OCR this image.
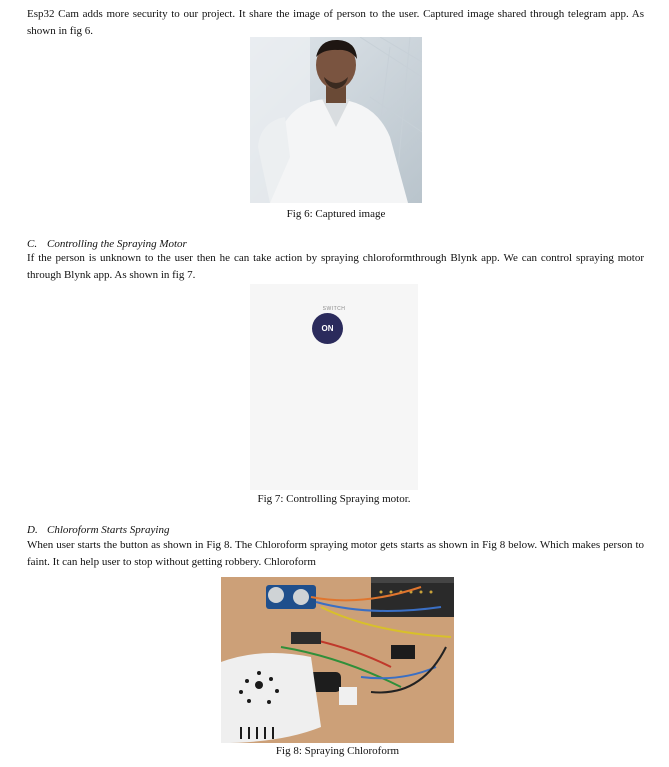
Esp32 Cam adds more security to our project. It share the image of person to the user. Captured image shared through telegram app. As shown in fig 6.

Fig 6: Captured image

C. Controlling the Spraying Motor

If the person is unknown to the user then he can take action by spraying chloroformthrough Blynk app. We can control spraying motor through Blynk app. As shown in fig 7.

SWITCH
ON

Fig 7: Controlling Spraying motor.

D. Chloroform Starts Spraying

When user starts the button as shown in Fig 8. The Chloroform spraying motor gets starts as shown in Fig 8 below. Which makes person to faint. It can help user to stop without getting robbery. Chloroform

Fig 8: Spraying Chloroform
